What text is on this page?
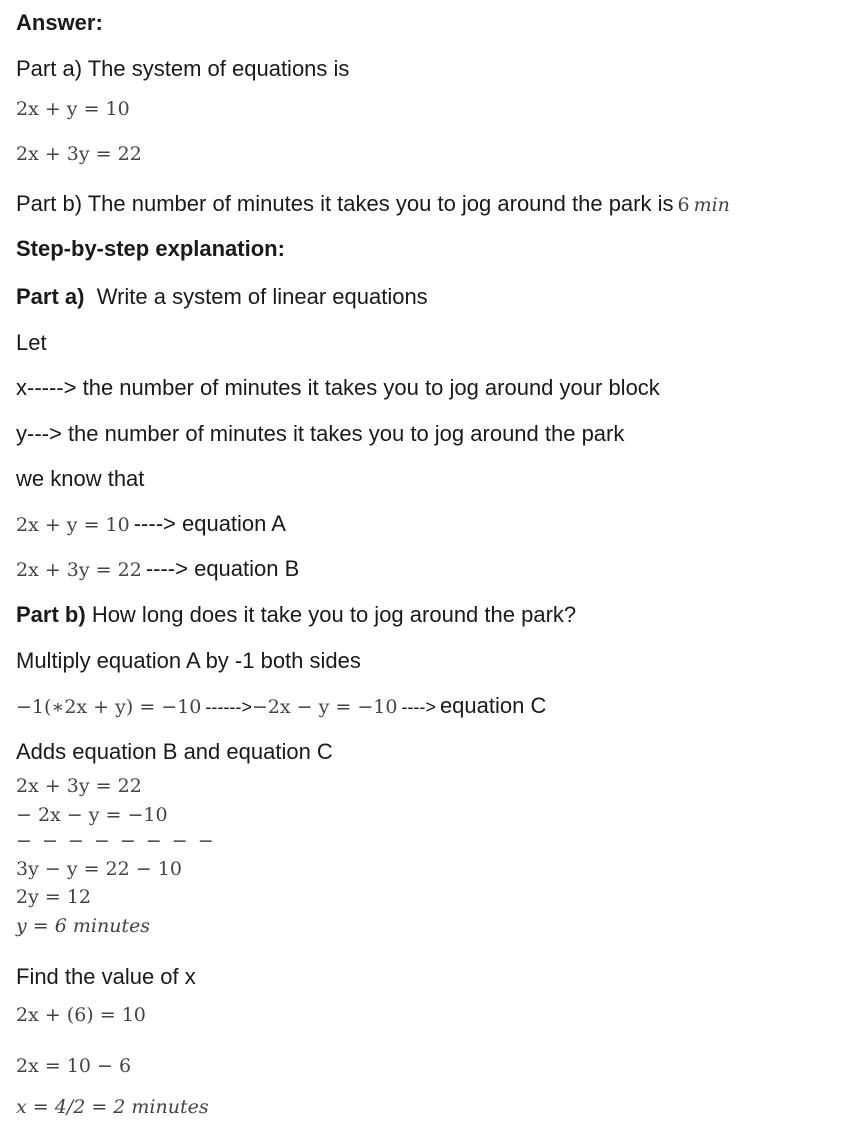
Answer:
Part a) The system of equations is
2x + y = 10
2x + 3y = 22
Part b) The number of minutes it takes you to jog around the park is 6 min
Step-by-step explanation:
Part a) Write a system of linear equations
Let
x-----> the number of minutes it takes you to jog around your block
y---> the number of minutes it takes you to jog around the park
we know that
2x + y = 10 ----> equation A
2x + 3y = 22 ----> equation B
Part b) How long does it take you to jog around the park?
Multiply equation A by -1 both sides
−1(∗2x + y) = −10 ------>−2x − y = −10 ----> equation C
Adds equation B and equation C
2x + 3y = 22
− 2x − y = −10
− − − − − − − −
3y − y = 22 − 10
2y = 12
y = 6 minutes
Find the value of x
2x + (6) = 10
2x = 10 − 6
x = 4/2 = 2 minutes
